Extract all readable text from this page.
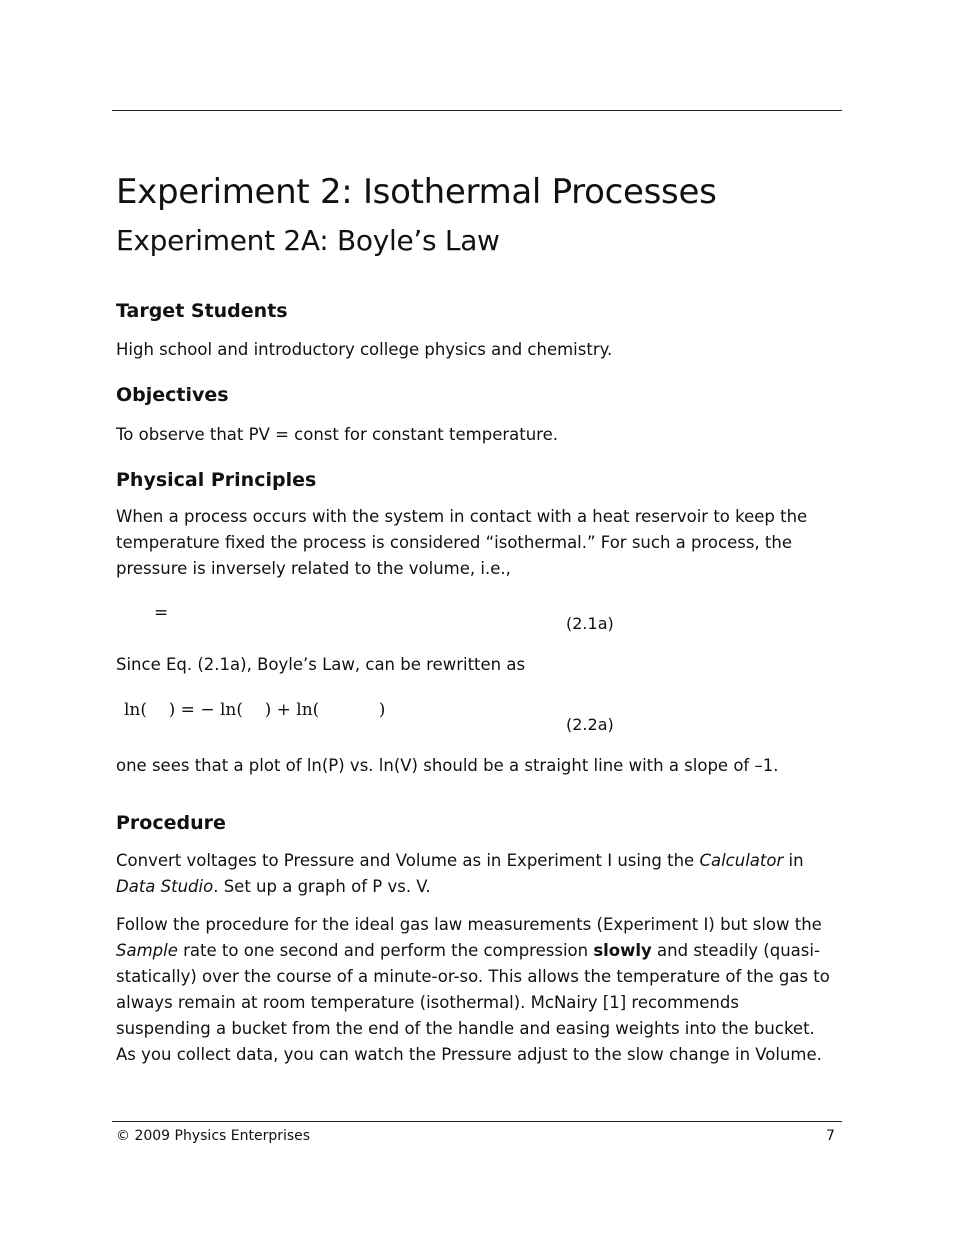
Experiment 2: Isothermal Processes
Experiment 2A: Boyle’s Law
Target Students

High school and introductory college physics and chemistry.

Objectives

To observe that PV = const for constant temperature.

Physical Principles

When a process occurs with the system in contact with a heat reservoir to keep the temperature fixed the process is considered “isothermal.” For such a process, the pressure is inversely related to the volume, i.e.,

=
(2.1a)

Since Eq. (2.1a), Boyle’s Law, can be rewritten as

ln(    ) = − ln(    ) + ln(           )
(2.2a)

one sees that a plot of ln(P) vs. ln(V) should be a straight line with a slope of –1.

Procedure

Convert voltages to Pressure and Volume as in Experiment I using the Calculator in Data Studio. Set up a graph of P vs. V.

Follow the procedure for the ideal gas law measurements (Experiment I) but slow the Sample rate to one second and perform the compression slowly and steadily (quasi-statically) over the course of a minute-or-so. This allows the temperature of the gas to always remain at room temperature (isothermal). McNairy [1] recommends suspending a bucket from the end of the handle and easing weights into the bucket. As you collect data, you can watch the Pressure adjust to the slow change in Volume.

© 2009 Physics Enterprises	7
